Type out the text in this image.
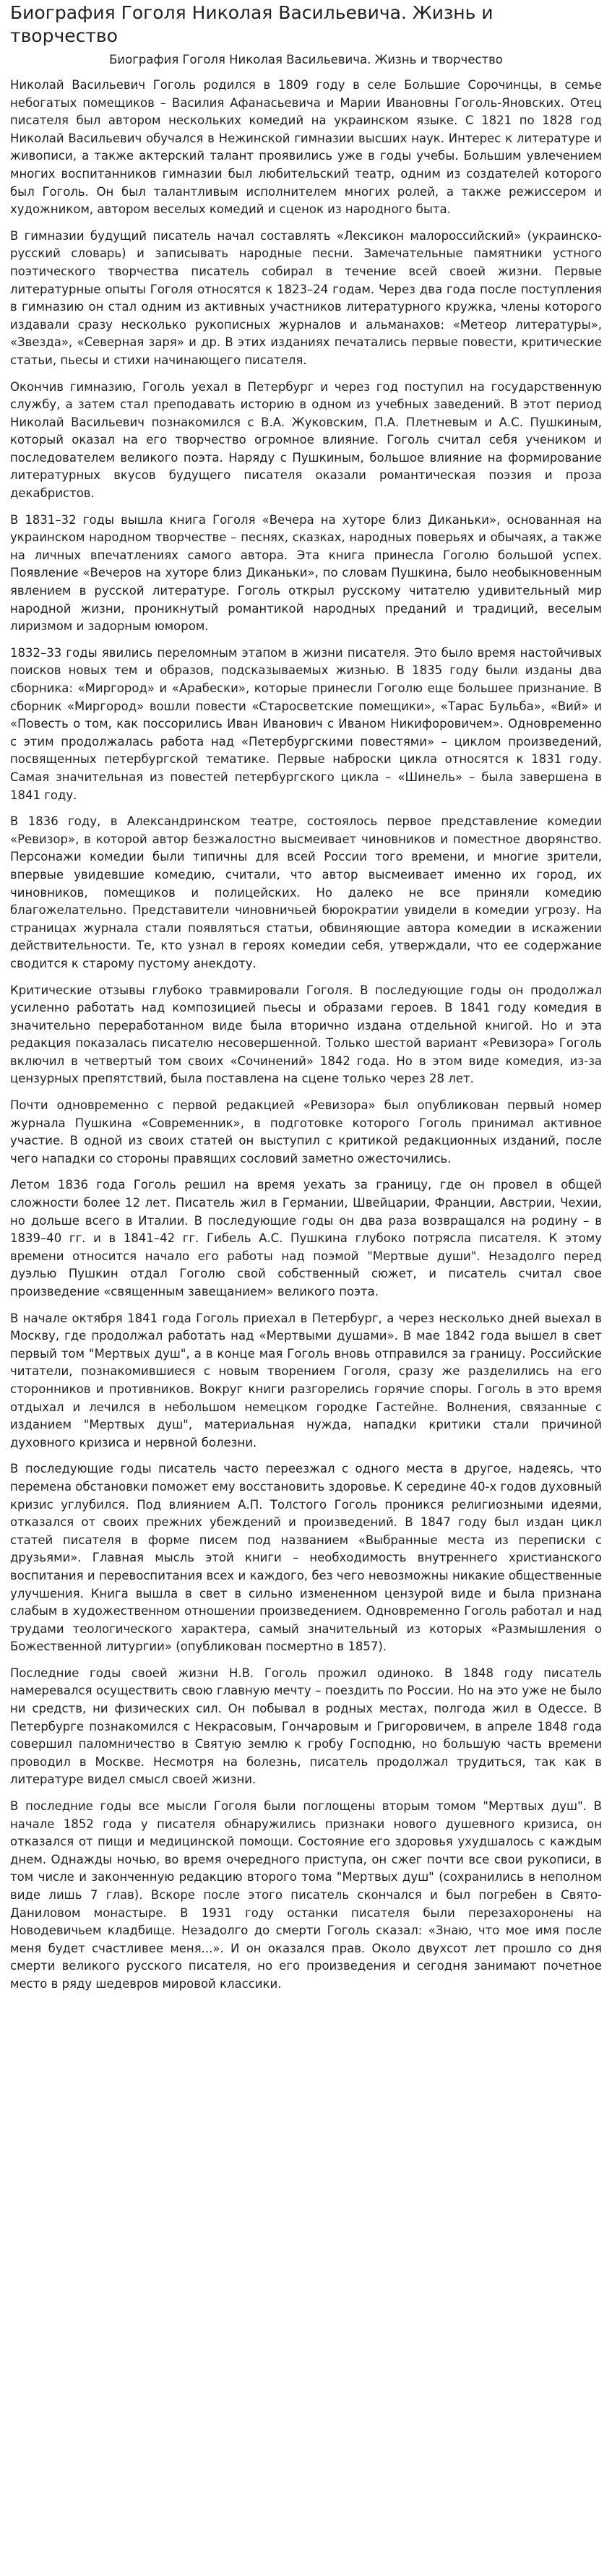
Биография Гоголя Николая Васильевича. Жизнь и творчество
Биография Гоголя Николая Васильевича. Жизнь и творчество

Николай Васильевич Гоголь родился в 1809 году в селе Большие Сорочинцы, в семье небогатых помещиков – Василия Афанасьевича и Марии Ивановны Гоголь-Яновских. Отец писателя был автором нескольких комедий на украинском языке. С 1821 по 1828 год Николай Васильевич обучался в Нежинской гимназии высших наук. Интерес к литературе и живописи, а также актерский талант проявились уже в годы учебы. Большим увлечением многих воспитанников гимназии был любительский театр, одним из создателей которого был Гоголь. Он был талантливым исполнителем многих ролей, а также режиссером и художником, автором веселых комедий и сценок из народного быта.

В гимназии будущий писатель начал составлять «Лексикон малороссийский» (украинско-русский словарь) и записывать народные песни. Замечательные памятники устного поэтического творчества писатель собирал в течение всей своей жизни. Первые литературные опыты Гоголя относятся к 1823–24 годам. Через два года после поступления в гимназию он стал одним из активных участников литературного кружка, члены которого издавали сразу несколько рукописных журналов и альманахов: «Метеор литературы», «Звезда», «Северная заря» и др. В этих изданиях печатались первые повести, критические статьи, пьесы и стихи начинающего писателя.

Окончив гимназию, Гоголь уехал в Петербург и через год поступил на государственную службу, а затем стал преподавать историю в одном из учебных заведений. В этот период Николай Васильевич познакомился с В.А. Жуковским, П.А. Плетневым и А.С. Пушкиным, который оказал на его творчество огромное влияние. Гоголь считал себя учеником и последователем великого поэта. Наряду с Пушкиным, большое влияние на формирование литературных вкусов будущего писателя оказали романтическая поэзия и проза декабристов.

В 1831–32 годы вышла книга Гоголя «Вечера на хуторе близ Диканьки», основанная на украинском народном творчестве – песнях, сказках, народных поверьях и обычаях, а также на личных впечатлениях самого автора. Эта книга принесла Гоголю большой успех. Появление «Вечеров на хуторе близ Диканьки», по словам Пушкина, было необыкновенным явлением в русской литературе. Гоголь открыл русскому читателю удивительный мир народной жизни, проникнутый романтикой народных преданий и традиций, веселым лиризмом и задорным юмором.

1832–33 годы явились переломным этапом в жизни писателя. Это было время настойчивых поисков новых тем и образов, подсказываемых жизнью. В 1835 году были изданы два сборника: «Миргород» и «Арабески», которые принесли Гоголю еще большее признание. В сборник «Миргород» вошли повести «Старосветские помещики», «Тарас Бульба», «Вий» и «Повесть о том, как поссорились Иван Иванович с Иваном Никифоровичем». Одновременно с этим продолжалась работа над «Петербургскими повестями» – циклом произведений, посвященных петербургской тематике. Первые наброски цикла относятся к 1831 году. Самая значительная из повестей петербургского цикла – «Шинель» – была завершена в 1841 году.

В 1836 году, в Александринском театре, состоялось первое представление комедии «Ревизор», в которой автор безжалостно высмеивает чиновников и поместное дворянство. Персонажи комедии были типичны для всей России того времени, и многие зрители, впервые увидевшие комедию, считали, что автор высмеивает именно их город, их чиновников, помещиков и полицейских. Но далеко не все приняли комедию благожелательно. Представители чиновничьей бюрократии увидели в комедии угрозу. На страницах журнала стали появляться статьи, обвиняющие автора комедии в искажении действительности. Те, кто узнал в героях комедии себя, утверждали, что ее содержание сводится к старому пустому анекдоту.

Критические отзывы глубоко травмировали Гоголя. В последующие годы он продолжал усиленно работать над композицией пьесы и образами героев. В 1841 году комедия в значительно переработанном виде была вторично издана отдельной книгой. Но и эта редакция показалась писателю несовершенной. Только шестой вариант «Ревизора» Гоголь включил в четвертый том своих «Сочинений» 1842 года. Но в этом виде комедия, из-за цензурных препятствий, была поставлена на сцене только через 28 лет.

Почти одновременно с первой редакцией «Ревизора» был опубликован первый номер журнала Пушкина «Современник», в подготовке которого Гоголь принимал активное участие. В одной из своих статей он выступил с критикой редакционных изданий, после чего нападки со стороны правящих сословий заметно ожесточились.

Летом 1836 года Гоголь решил на время уехать за границу, где он провел в общей сложности более 12 лет. Писатель жил в Германии, Швейцарии, Франции, Австрии, Чехии, но дольше всего в Италии. В последующие годы он два раза возвращался на родину – в 1839–40 гг. и в 1841–42 гг. Гибель А.С. Пушкина глубоко потрясла писателя. К этому времени относится начало его работы над поэмой "Мертвые души". Незадолго перед дуэлью Пушкин отдал Гоголю свой собственный сюжет, и писатель считал свое произведение «священным завещанием» великого поэта.

В начале октября 1841 года Гоголь приехал в Петербург, а через несколько дней выехал в Москву, где продолжал работать над «Мертвыми душами». В мае 1842 года вышел в свет первый том "Мертвых душ", а в конце мая Гоголь вновь отправился за границу. Российские читатели, познакомившиеся с новым творением Гоголя, сразу же разделились на его сторонников и противников. Вокруг книги разгорелись горячие споры. Гоголь в это время отдыхал и лечился в небольшом немецком городке Гастейне. Волнения, связанные с изданием "Мертвых душ", материальная нужда, нападки критики стали причиной духовного кризиса и нервной болезни.

В последующие годы писатель часто переезжал с одного места в другое, надеясь, что перемена обстановки поможет ему восстановить здоровье. К середине 40-х годов духовный кризис углубился. Под влиянием А.П. Толстого Гоголь проникся религиозными идеями, отказался от своих прежних убеждений и произведений. В 1847 году был издан цикл статей писателя в форме писем под названием «Выбранные места из переписки с друзьями». Главная мысль этой книги – необходимость внутреннего христианского воспитания и перевоспитания всех и каждого, без чего невозможны никакие общественные улучшения. Книга вышла в свет в сильно измененном цензурой виде и была признана слабым в художественном отношении произведением. Одновременно Гоголь работал и над трудами теологического характера, самый значительный из которых «Размышления о Божественной литургии» (опубликован посмертно в 1857).

Последние годы своей жизни Н.В. Гоголь прожил одиноко. В 1848 году писатель намеревался осуществить свою главную мечту – поездить по России. Но на это уже не было ни средств, ни физических сил. Он побывал в родных местах, полгода жил в Одессе. В Петербурге познакомился с Некрасовым, Гончаровым и Григоровичем, в апреле 1848 года совершил паломничество в Святую землю к гробу Господню, но большую часть времени проводил в Москве. Несмотря на болезнь, писатель продолжал трудиться, так как в литературе видел смысл своей жизни.

В последние годы все мысли Гоголя были поглощены вторым томом "Мертвых душ". В начале 1852 года у писателя обнаружились признаки нового душевного кризиса, он отказался от пищи и медицинской помощи. Состояние его здоровья ухудшалось с каждым днем. Однажды ночью, во время очередного приступа, он сжег почти все свои рукописи, в том числе и законченную редакцию второго тома "Мертвых душ" (сохранились в неполном виде лишь 7 глав). Вскоре после этого писатель скончался и был погребен в Свято-Даниловом монастыре. В 1931 году останки писателя были перезахоронены на Новодевичьем кладбище. Незадолго до смерти Гоголь сказал: «Знаю, что мое имя после меня будет счастливее меня...». И он оказался прав. Около двухсот лет прошло со дня смерти великого русского писателя, но его произведения и сегодня занимают почетное место в ряду шедевров мировой классики.
